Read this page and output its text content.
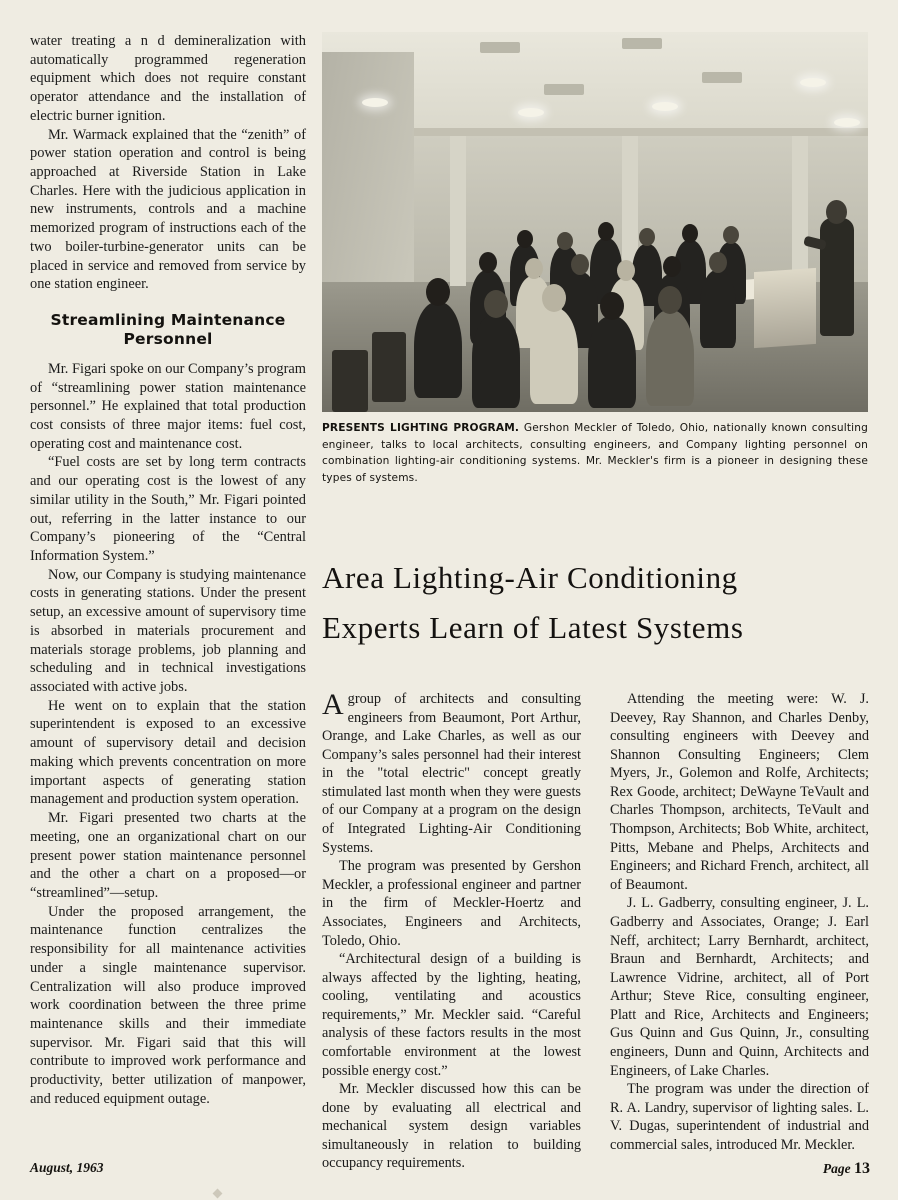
water treating a n d demineralization with automatically programmed regeneration equipment which does not require constant operator attendance and the installation of electric burner ignition.

Mr. Warmack explained that the “zenith” of power station operation and control is being approached at Riverside Station in Lake Charles. Here with the judicious application in new instruments, controls and a machine memorized program of instructions each of the two boiler-turbine-generator units can be placed in service and removed from service by one station engineer.

Streamlining Maintenance Personnel

Mr. Figari spoke on our Company’s program of “streamlining power station maintenance personnel.” He explained that total production cost consists of three major items: fuel cost, operating cost and maintenance cost.

“Fuel costs are set by long term contracts and our operating cost is the lowest of any similar utility in the South,” Mr. Figari pointed out, referring in the latter instance to our Company’s pioneering of the “Central Information System.”

Now, our Company is studying maintenance costs in generating stations. Under the present setup, an excessive amount of supervisory time is absorbed in materials procurement and materials storage problems, job planning and scheduling and in technical investigations associated with active jobs.

He went on to explain that the station superintendent is exposed to an excessive amount of supervisory detail and decision making which prevents concentration on more important aspects of generating station management and production system operation.

Mr. Figari presented two charts at the meeting, one an organizational chart on our present power station maintenance personnel and the other a chart on a proposed—or “streamlined”—setup.

Under the proposed arrangement, the maintenance function centralizes the responsibility for all maintenance activities under a single maintenance supervisor. Centralization will also produce improved work coordination between the three prime maintenance skills and their immediate supervisor. Mr. Figari said that this will contribute to improved work performance and productivity, better utilization of manpower, and reduced equipment outage.

PRESENTS LIGHTING PROGRAM. Gershon Meckler of Toledo, Ohio, nationally known consulting engineer, talks to local architects, consulting engineers, and Company lighting personnel on combination lighting-air conditioning systems. Mr. Meckler's firm is a pioneer in designing these types of systems.
Area Lighting-Air Conditioning
Experts Learn of Latest Systems

A group of architects and consulting engineers from Beaumont, Port Arthur, Orange, and Lake Charles, as well as our Company’s sales personnel had their interest in the "total electric" concept greatly stimulated last month when they were guests of our Company at a program on the design of Integrated Lighting-Air Conditioning Systems.

The program was presented by Gershon Meckler, a professional engineer and partner in the firm of Meckler-Hoertz and Associates, Engineers and Architects, Toledo, Ohio.

“Architectural design of a building is always affected by the lighting, heating, cooling, ventilating and acoustics requirements,” Mr. Meckler said. “Careful analysis of these factors results in the most comfortable environment at the lowest possible energy cost.”

Mr. Meckler discussed how this can be done by evaluating all electrical and mechanical system design variables simultaneously in relation to building occupancy requirements.

Attending the meeting were: W. J. Deevey, Ray Shannon, and Charles Denby, consulting engineers with Deevey and Shannon Consulting Engineers; Clem Myers, Jr., Golemon and Rolfe, Architects; Rex Goode, architect; DeWayne TeVault and Charles Thompson, architects, TeVault and Thompson, Architects; Bob White, architect, Pitts, Mebane and Phelps, Architects and Engineers; and Richard French, architect, all of Beaumont.

J. L. Gadberry, consulting engineer, J. L. Gadberry and Associates, Orange; J. Earl Neff, architect; Larry Bernhardt, architect, Braun and Bernhardt, Architects; and Lawrence Vidrine, architect, all of Port Arthur; Steve Rice, consulting engineer, Platt and Rice, Architects and Engineers; Gus Quinn and Gus Quinn, Jr., consulting engineers, Dunn and Quinn, Architects and Engineers, of Lake Charles.

The program was under the direction of R. A. Landry, supervisor of lighting sales. L. V. Dugas, superintendent of industrial and commercial sales, introduced Mr. Meckler.

August, 1963	Page 13
